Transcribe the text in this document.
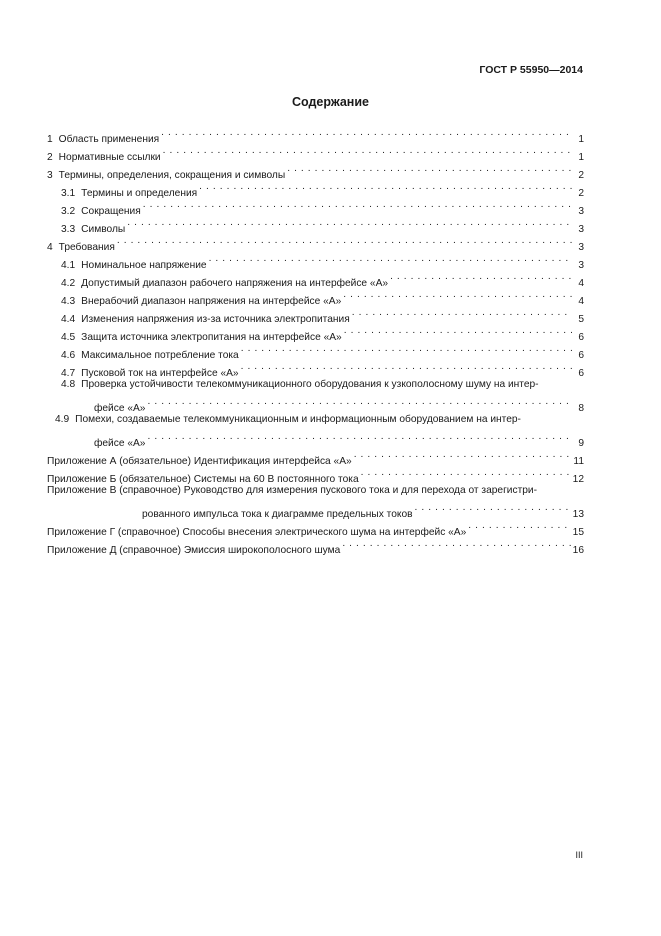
ГОСТ Р 55950—2014
Содержание
1 Область применения . . .	1
2 Нормативные ссылки . . .	1
3 Термины, определения, сокращения и символы . . .	2
3.1 Термины и определения . . .	2
3.2 Сокращения . . .	3
3.3 Символы . . .	3
4 Требования . . .	3
4.1 Номинальное напряжение . . .	3
4.2 Допустимый диапазон рабочего напряжения на интерфейсе «А» . . .	4
4.3 Внерабочий диапазон напряжения на интерфейсе «А» . . .	4
4.4 Изменения напряжения из-за источника электропитания . . .	5
4.5 Защита источника электропитания на интерфейсе «А» . . .	6
4.6 Максимальное потребление тока . . .	6
4.7 Пусковой ток на интерфейсе «А» . . .	6
4.8 Проверка устойчивости телекоммуникационного оборудования к узкополосному шуму на интер-
фейсе «А» . . .	8
4.9 Помехи, создаваемые телекоммуникационным и информационным оборудованием на интер-
фейсе «А» . . .	9
Приложение А (обязательное) Идентификация интерфейса «А» . . .	11
Приложение Б (обязательное) Системы на 60 В постоянного тока . . .	12
Приложение В (справочное) Руководство для измерения пускового тока и для перехода от зарегистри-
рованного импульса тока к диаграмме предельных токов . . .	13
Приложение Г (справочное) Способы внесения электрического шума на интерфейс «А» . . .	15
Приложение Д (справочное) Эмиссия широкополосного шума . . .	16
III
